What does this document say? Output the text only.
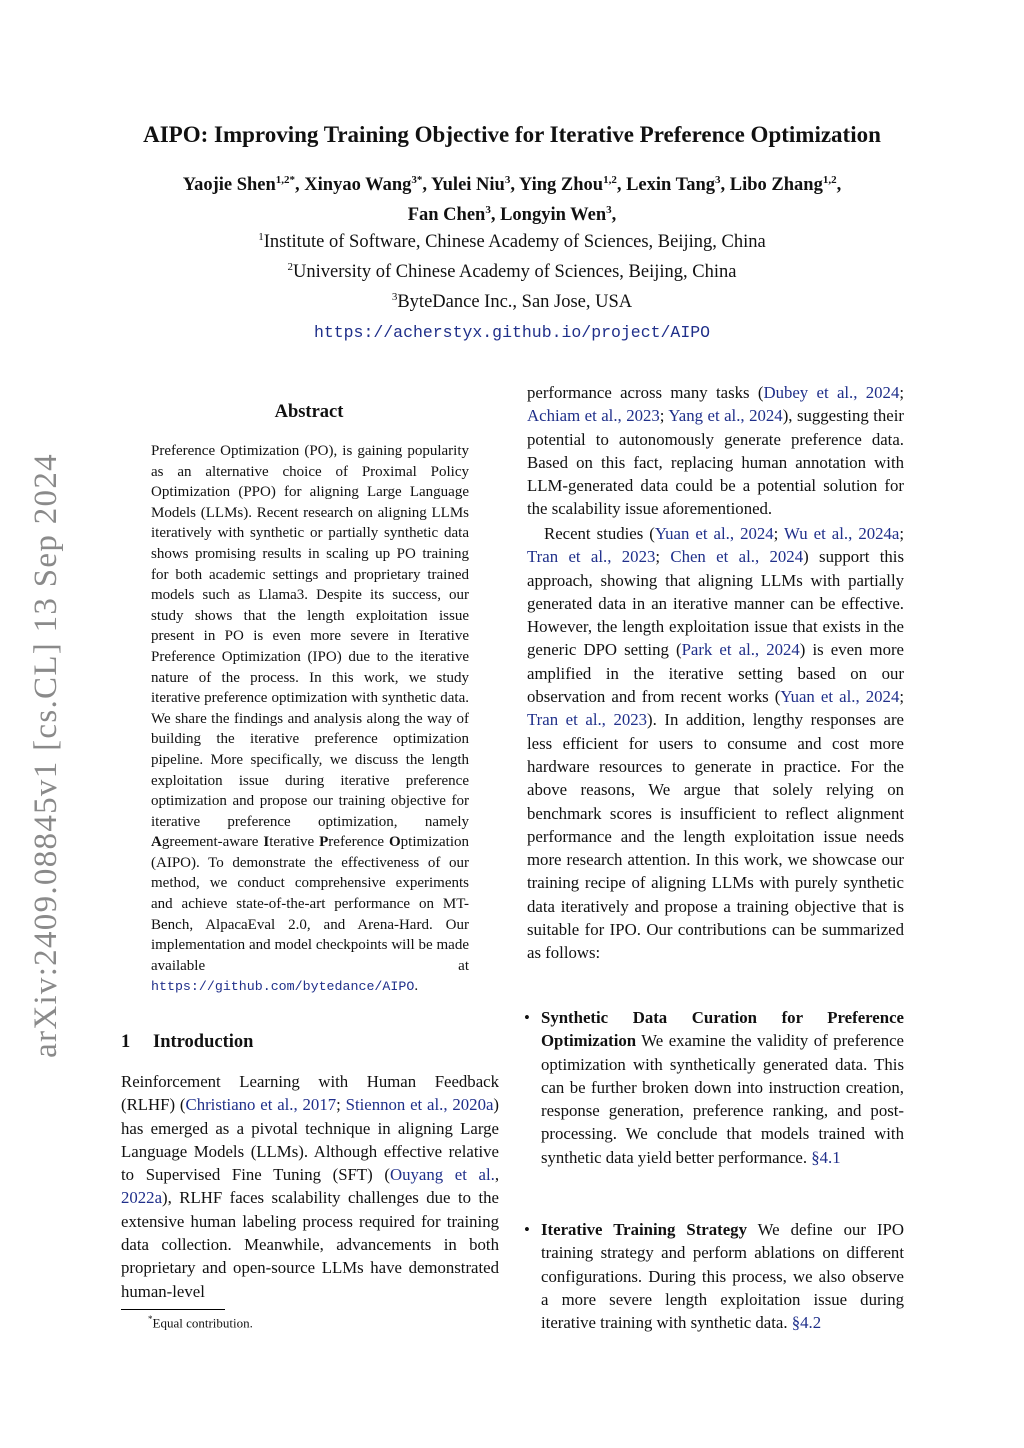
arXiv:2409.08845v1 [cs.CL] 13 Sep 2024
AIPO: Improving Training Objective for Iterative Preference Optimization
Yaojie Shen$^{1,2*}$, Xinyao Wang$^{3*}$, Yulei Niu$^3$, Ying Zhou$^{1,2}$, Lexin Tang$^3$, Libo Zhang$^{1,2}$,
Fan Chen$^3$, Longyin Wen$^3$,
$^1$Institute of Software, Chinese Academy of Sciences, Beijing, China
$^2$University of Chinese Academy of Sciences, Beijing, China
$^3$ByteDance Inc., San Jose, USA
https://acherstyx.github.io/project/AIPO
Abstract

Preference Optimization (PO), is gaining popularity as an alternative choice of Proximal Policy Optimization (PPO) for aligning Large Language Models (LLMs). Recent research on aligning LLMs iteratively with synthetic or partially synthetic data shows promising results in scaling up PO training for both academic settings and proprietary trained models such as Llama3. Despite its success, our study shows that the length exploitation issue present in PO is even more severe in Iterative Preference Optimization (IPO) due to the iterative nature of the process. In this work, we study iterative preference optimization with synthetic data. We share the findings and analysis along the way of building the iterative preference optimization pipeline. More specifically, we discuss the length exploitation issue during iterative preference optimization and propose our training objective for iterative preference optimization, namely Agreement-aware Iterative Preference Optimization (AIPO). To demonstrate the effectiveness of our method, we conduct comprehensive experiments and achieve state-of-the-art performance on MT-Bench, AlpacaEval 2.0, and Arena-Hard. Our implementation and model checkpoints will be made available at https://github.com/bytedance/AIPO.

1 Introduction

Reinforcement Learning with Human Feedback (RLHF) (Christiano et al., 2017; Stiennon et al., 2020a) has emerged as a pivotal technique in aligning Large Language Models (LLMs). Although effective relative to Supervised Fine Tuning (SFT) (Ouyang et al., 2022a), RLHF faces scalability challenges due to the extensive human labeling process required for training data collection. Meanwhile, advancements in both proprietary and open-source LLMs have demonstrated human-level

*Equal contribution.

performance across many tasks (Dubey et al., 2024; Achiam et al., 2023; Yang et al., 2024), suggesting their potential to autonomously generate preference data. Based on this fact, replacing human annotation with LLM-generated data could be a potential solution for the scalability issue aforementioned.

Recent studies (Yuan et al., 2024; Wu et al., 2024a; Tran et al., 2023; Chen et al., 2024) support this approach, showing that aligning LLMs with partially generated data in an iterative manner can be effective. However, the length exploitation issue that exists in the generic DPO setting (Park et al., 2024) is even more amplified in the iterative setting based on our observation and from recent works (Yuan et al., 2024; Tran et al., 2023). In addition, lengthy responses are less efficient for users to consume and cost more hardware resources to generate in practice. For the above reasons, We argue that solely relying on benchmark scores is insufficient to reflect alignment performance and the length exploitation issue needs more research attention. In this work, we showcase our training recipe of aligning LLMs with purely synthetic data iteratively and propose a training objective that is suitable for IPO. Our contributions can be summarized as follows:

• Synthetic Data Curation for Preference Optimization We examine the validity of preference optimization with synthetically generated data. This can be further broken down into instruction creation, response generation, preference ranking, and post-processing. We conclude that models trained with synthetic data yield better performance. §4.1
• Iterative Training Strategy We define our IPO training strategy and perform ablations on different configurations. During this process, we also observe a more severe length exploitation issue during iterative training with synthetic data. §4.2
